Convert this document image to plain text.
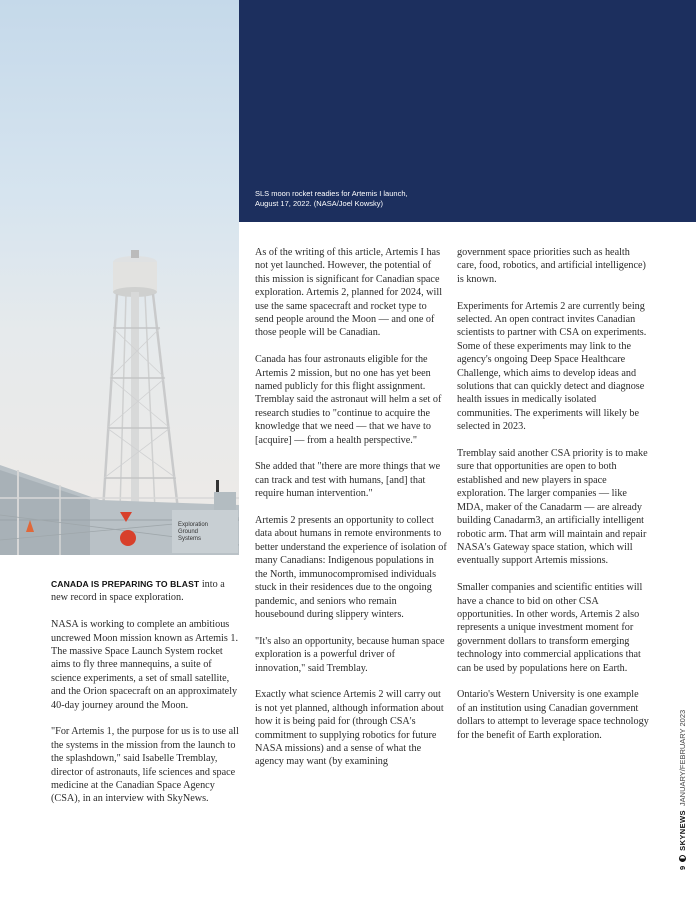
Exploration
Ground
Systems
SLS moon rocket readies for Artemis I launch,
August 17, 2022. (NASA/Joel Kowsky)

CANADA IS PREPARING TO BLAST into a new record in space exploration.

NASA is working to complete an ambitious uncrewed Moon mission known as Artemis 1. The massive Space Launch System rocket aims to fly three mannequins, a suite of science experiments, a set of small satellite, and the Orion spacecraft on an approximately 40-day journey around the Moon.

"For Artemis 1, the purpose for us is to use all the systems in the mission from the launch to the splashdown," said Isabelle Tremblay, director of astronauts, life sciences and space medicine at the Canadian Space Agency (CSA), in an interview with SkyNews.

As of the writing of this article, Artemis I has not yet launched. However, the potential of this mission is significant for Canadian space exploration. Artemis 2, planned for 2024, will use the same spacecraft and rocket type to send people around the Moon — and one of those people will be Canadian.

Canada has four astronauts eligible for the Artemis 2 mission, but no one has yet been named publicly for this flight assignment. Tremblay said the astronaut will helm a set of research studies to "continue to acquire the knowledge that we need — that we have to [acquire] — from a health perspective."

She added that "there are more things that we can track and test with humans, [and] that require human intervention."

Artemis 2 presents an opportunity to collect data about humans in remote environments to better understand the experience of isolation of many Canadians: Indigenous populations in the North, immunocompromised individuals stuck in their residences due to the ongoing pandemic, and seniors who remain housebound during slippery winters.

"It's also an opportunity, because human space exploration is a powerful driver of innovation," said Tremblay.

Exactly what science Artemis 2 will carry out is not yet planned, although information about how it is being paid for (through CSA's commitment to supplying robotics for future NASA missions) and a sense of what the agency may want (by examining

government space priorities such as health care, food, robotics, and artificial intelligence) is known.

Experiments for Artemis 2 are currently being selected. An open contract invites Canadian scientists to partner with CSA on experiments. Some of these experiments may link to the agency's ongoing Deep Space Healthcare Challenge, which aims to develop ideas and solutions that can quickly detect and diagnose health issues in medically isolated communities. The experiments will likely be selected in 2023.

Tremblay said another CSA priority is to make sure that opportunities are open to both established and new players in space exploration. The larger companies — like MDA, maker of the Canadarm — are already building Canadarm3, an artificially intelligent robotic arm. That arm will maintain and repair NASA's Gateway space station, which will eventually support Artemis missions.

Smaller companies and scientific entities will have a chance to bid on other CSA opportunities. In other words, Artemis 2 also represents a unique investment moment for government dollars to transform emerging technology into commercial applications that can be used by populations here on Earth.

Ontario's Western University is one example of an institution using Canadian government dollars to attempt to leverage space technology for the benefit of Earth exploration.

9
SKYNEWS
JANUARY/FEBRUARY 2023
